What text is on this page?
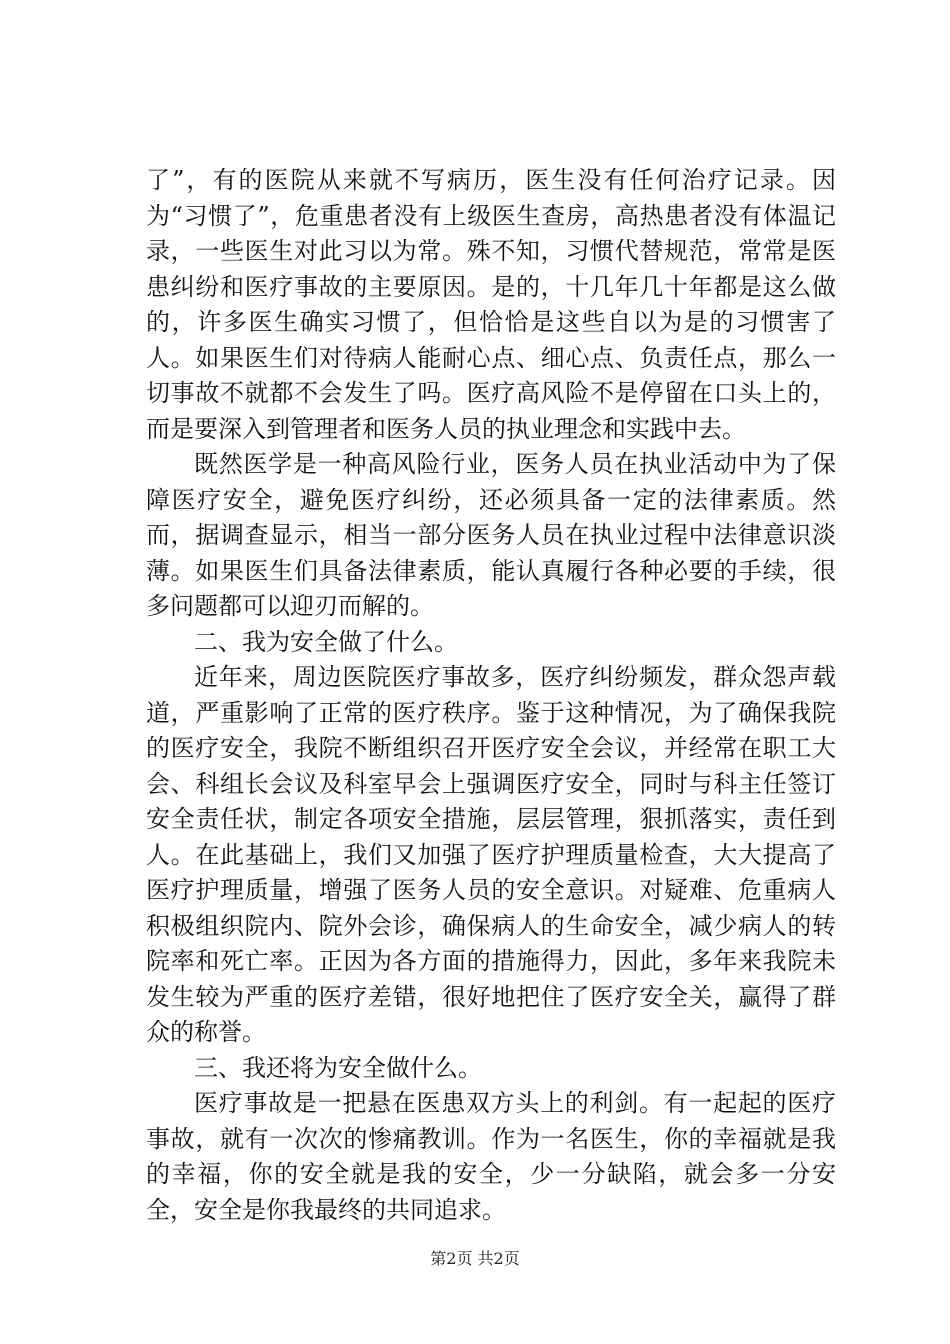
了”，有的医院从来就不写病历，医生没有任何治疗记录。因为“习惯了”，危重患者没有上级医生查房，高热患者没有体温记录，一些医生对此习以为常。殊不知，习惯代替规范，常常是医患纠纷和医疗事故的主要原因。是的，十几年几十年都是这么做的，许多医生确实习惯了，但恰恰是这些自以为是的习惯害了人。如果医生们对待病人能耐心点、细心点、负责任点，那么一切事故不就都不会发生了吗。医疗高风险不是停留在口头上的，而是要深入到管理者和医务人员的执业理念和实践中去。

既然医学是一种高风险行业，医务人员在执业活动中为了保障医疗安全，避免医疗纠纷，还必须具备一定的法律素质。然而，据调查显示，相当一部分医务人员在执业过程中法律意识淡薄。如果医生们具备法律素质，能认真履行各种必要的手续，很多问题都可以迎刃而解的。

二、我为安全做了什么。

近年来，周边医院医疗事故多，医疗纠纷频发，群众怨声载道，严重影响了正常的医疗秩序。鉴于这种情况，为了确保我院的医疗安全，我院不断组织召开医疗安全会议，并经常在职工大会、科组长会议及科室早会上强调医疗安全，同时与科主任签订安全责任状，制定各项安全措施，层层管理，狠抓落实，责任到人。在此基础上，我们又加强了医疗护理质量检查，大大提高了医疗护理质量，增强了医务人员的安全意识。对疑难、危重病人积极组织院内、院外会诊，确保病人的生命安全，减少病人的转院率和死亡率。正因为各方面的措施得力，因此，多年来我院未发生较为严重的医疗差错，很好地把住了医疗安全关，赢得了群众的称誉。

三、我还将为安全做什么。

医疗事故是一把悬在医患双方头上的利剑。有一起起的医疗事故，就有一次次的惨痛教训。作为一名医生，你的幸福就是我的幸福，你的安全就是我的安全，少一分缺陷，就会多一分安全，安全是你我最终的共同追求。

第2页 共2页
